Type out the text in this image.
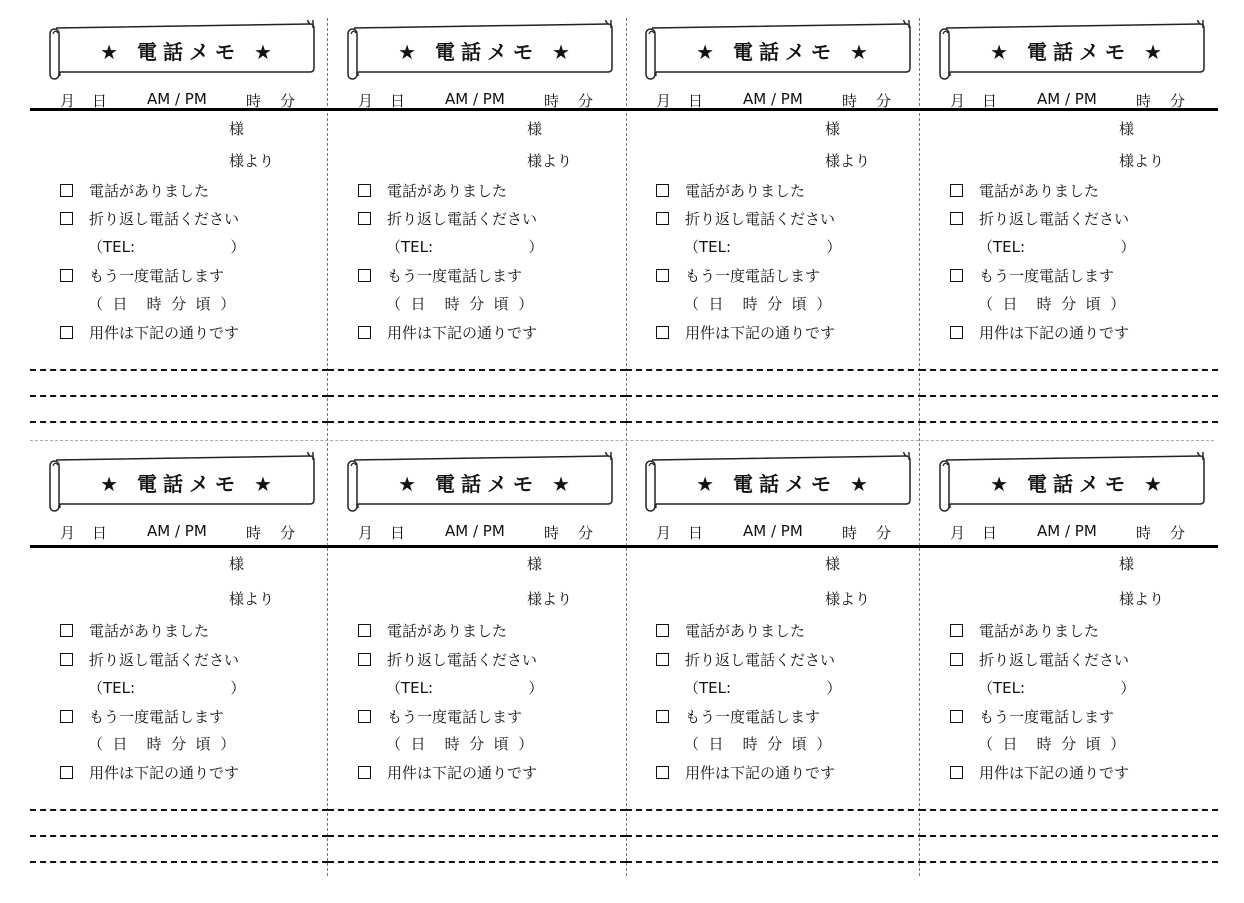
★ 電話メモ ★
月 日	AM / PM	時 分
様
様より
電話がありました
折り返し電話ください
（TEL:                    ）
もう一度電話します
（  日    時  分  頃  ）
用件は下記の通りです
★ 電話メモ ★
月 日	AM / PM	時 分
様
様より
電話がありました
折り返し電話ください
（TEL:                    ）
もう一度電話します
（  日    時  分  頃  ）
用件は下記の通りです
★ 電話メモ ★
月 日	AM / PM	時 分
様
様より
電話がありました
折り返し電話ください
（TEL:                    ）
もう一度電話します
（  日    時  分  頃  ）
用件は下記の通りです
★ 電話メモ ★
月 日	AM / PM	時 分
様
様より
電話がありました
折り返し電話ください
（TEL:                    ）
もう一度電話します
（  日    時  分  頃  ）
用件は下記の通りです
★ 電話メモ ★
月 日	AM / PM	時 分
様
様より
電話がありました
折り返し電話ください
（TEL:                    ）
もう一度電話します
（  日    時  分  頃  ）
用件は下記の通りです
★ 電話メモ ★
月 日	AM / PM	時 分
様
様より
電話がありました
折り返し電話ください
（TEL:                    ）
もう一度電話します
（  日    時  分  頃  ）
用件は下記の通りです
★ 電話メモ ★
月 日	AM / PM	時 分
様
様より
電話がありました
折り返し電話ください
（TEL:                    ）
もう一度電話します
（  日    時  分  頃  ）
用件は下記の通りです
★ 電話メモ ★
月 日	AM / PM	時 分
様
様より
電話がありました
折り返し電話ください
（TEL:                    ）
もう一度電話します
（  日    時  分  頃  ）
用件は下記の通りです
